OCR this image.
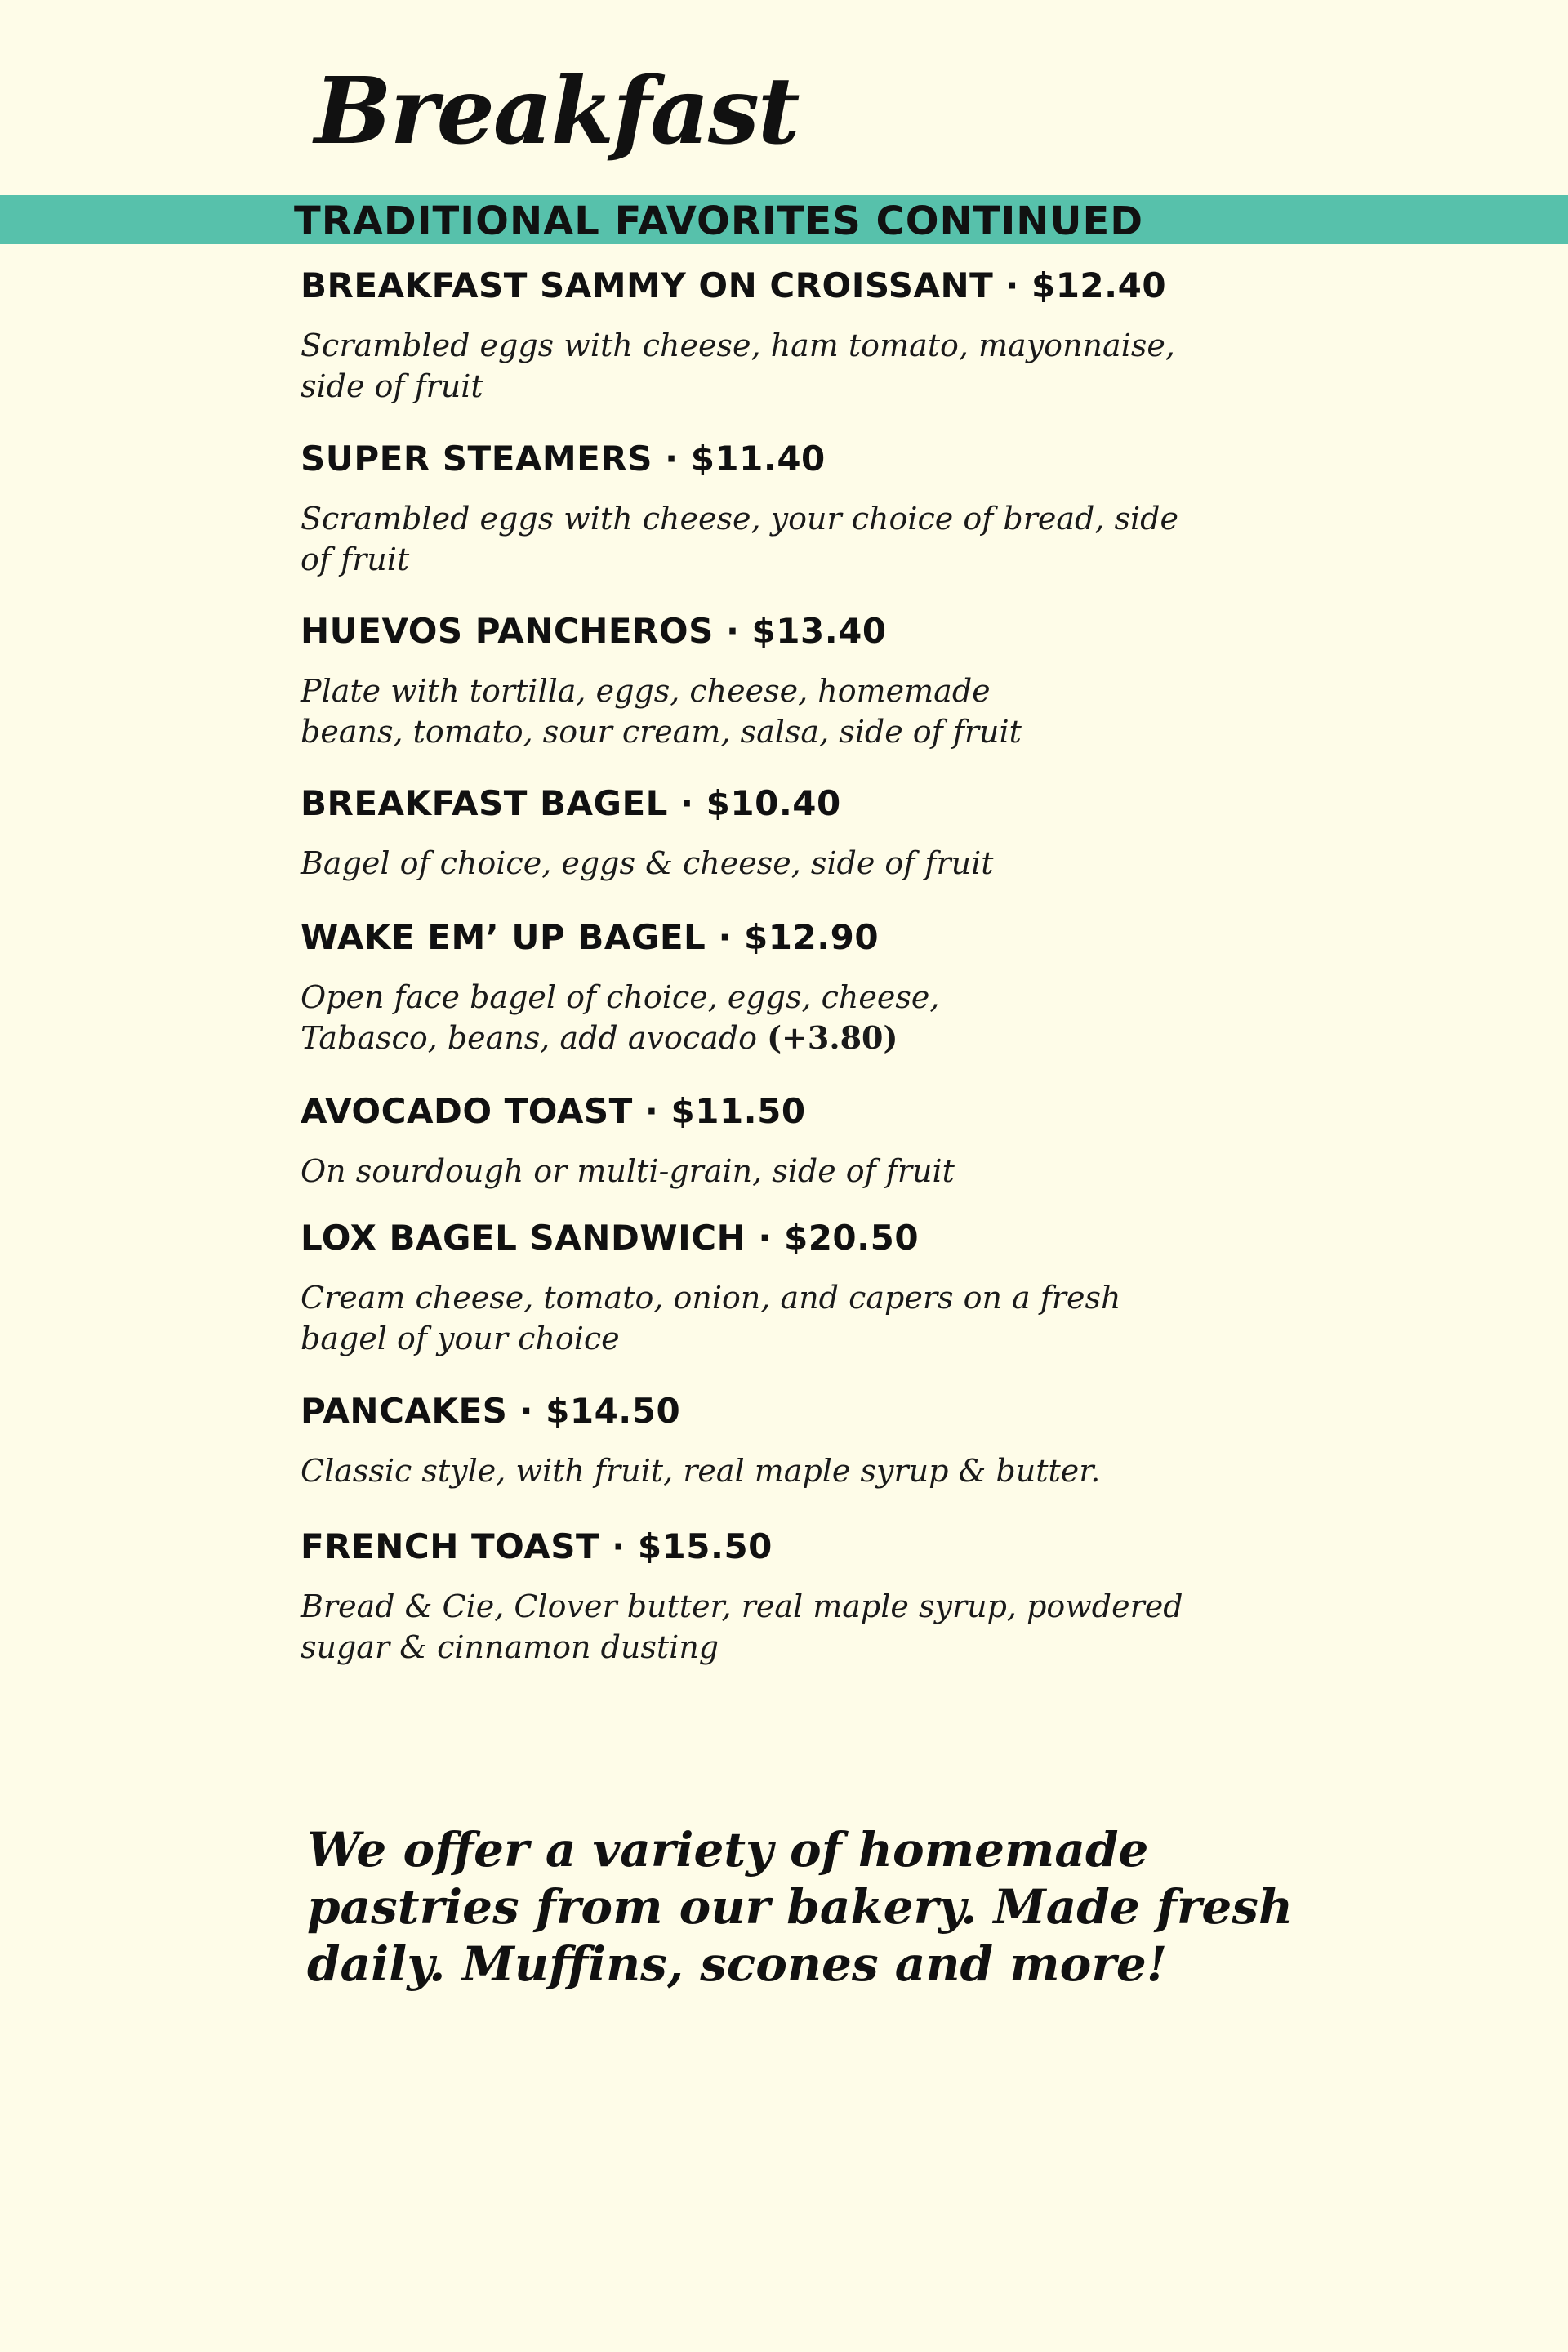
Breakfast
TRADITIONAL FAVORITES CONTINUED
BREAKFAST SAMMY ON CROISSANT · $12.40
Scrambled eggs with cheese, ham tomato, mayonnaise,
side of fruit
SUPER STEAMERS · $11.40
Scrambled eggs with cheese, your choice of bread, side
of fruit
HUEVOS PANCHEROS · $13.40
Plate with tortilla, eggs, cheese, homemade
beans, tomato, sour cream, salsa, side of fruit
BREAKFAST BAGEL · $10.40
Bagel of choice, eggs & cheese, side of fruit
WAKE EM’ UP BAGEL · $12.90
Open face bagel of choice, eggs, cheese,
Tabasco, beans, add avocado (+3.80)
AVOCADO TOAST · $11.50
On sourdough or multi-grain, side of fruit
LOX BAGEL SANDWICH · $20.50
Cream cheese, tomato, onion, and capers on a fresh
bagel of your choice
PANCAKES · $14.50
Classic style, with fruit, real maple syrup & butter.
FRENCH TOAST · $15.50
Bread & Cie, Clover butter, real maple syrup, powdered
sugar & cinnamon dusting

We offer a variety of homemade
pastries from our bakery. Made fresh
daily. Muffins, scones and more!
